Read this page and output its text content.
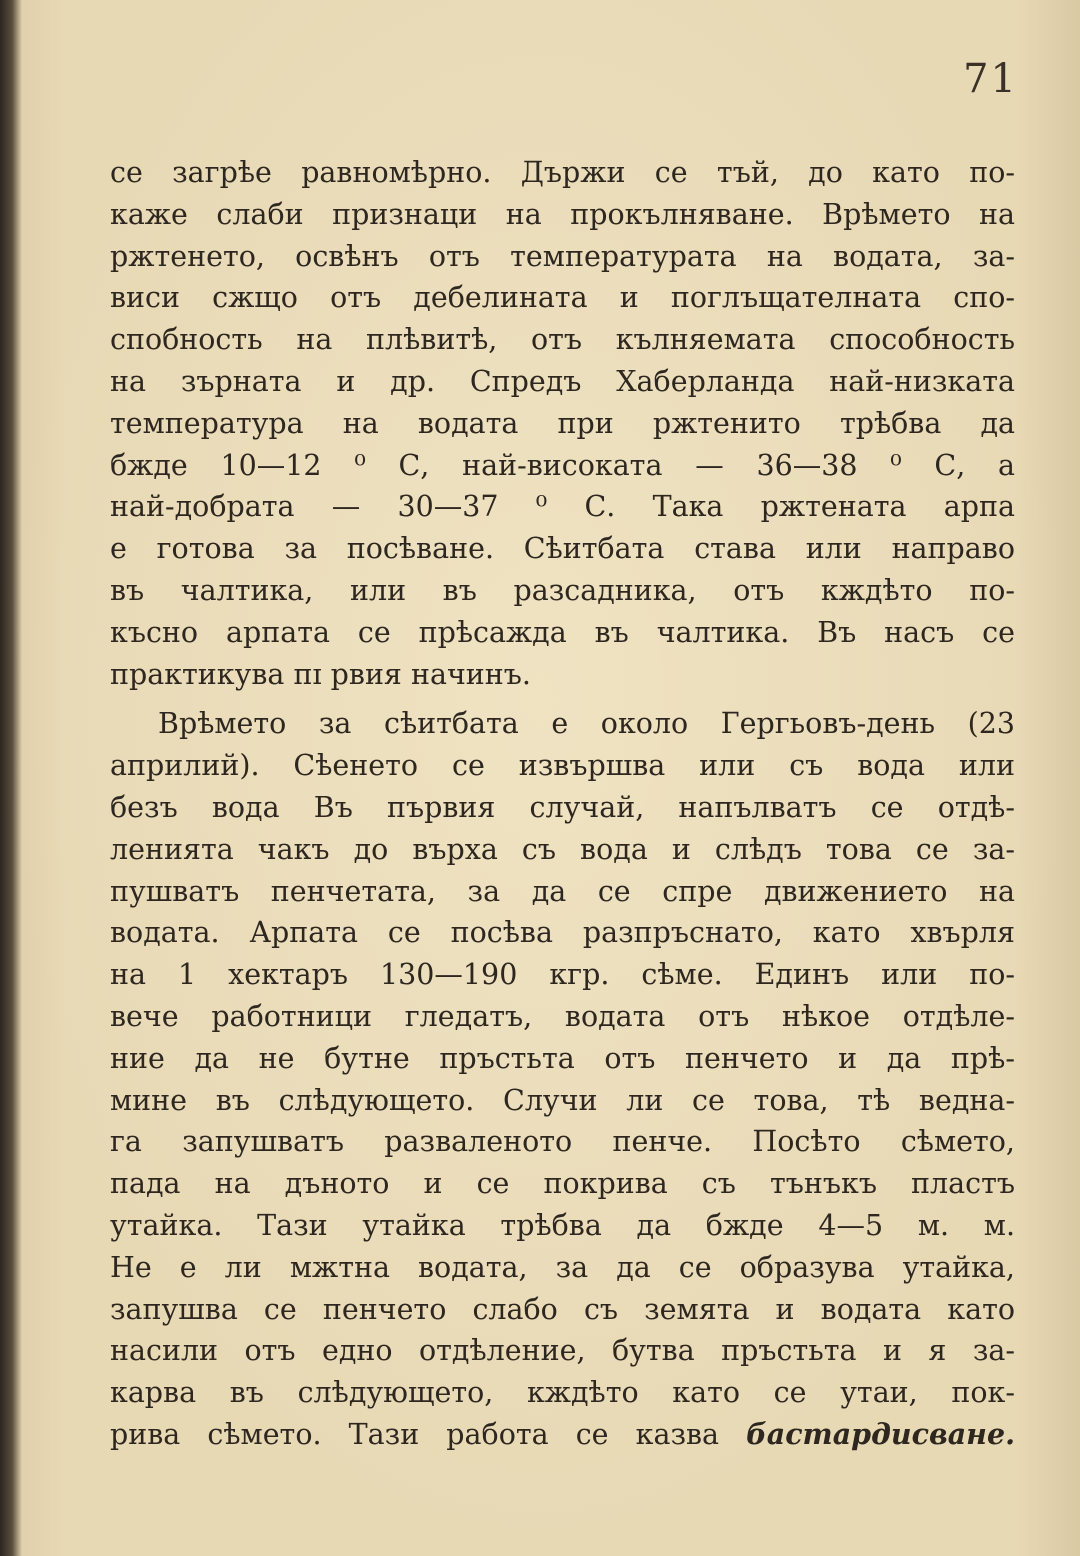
71

се загрѣе равномѣрно. Държи се тъй, до като по-
каже слаби признаци на прокълняване. Врѣмето на
ржтенето, освѣнъ отъ температурата на водата, за-
виси сжщо отъ дебелината и поглъщателната спо-
спобность на плѣвитѣ, отъ кълняемата способность
на зърната и др. Спредъ Хаберланда най-низката
температура на водата при ржтенито трѣбва да
бжде 10—12 ⁰ С, най-високата — 36—38 ⁰ С, а
най-добрата — 30—37 ⁰ С. Така ржтената арпа
е готова за посѣване. Сѣитбата става или направо
въ чалтика, или въ разсадника, отъ кждѣто по-
късно арпата се прѣсажда въ чалтика. Въ насъ се
практикува пɪ рвия начинъ.

Врѣмето за сѣитбата е около Гергьовъ-день (23
априлий). Сѣенето се извършва или съ вода или
безъ вода Въ първия случай, напълватъ се отдѣ-
ленията чакъ до върха съ вода и слѣдъ това се за-
пушватъ пенчетата, за да се спре движението на
водата. Арпата се посѣва разпръснато, като хвърля
на 1 хектаръ 130—190 кгр. сѣме. Единъ или по-
вече работници гледатъ, водата отъ нѣкое отдѣле-
ние да не бутне пръстьта отъ пенчето и да прѣ-
мине въ слѣдующето. Случи ли се това, тѣ ведна-
га запушватъ развaленото пенче. Посѣто сѣмето,
пада на дъното и се покрива съ тънъкъ пластъ
утайка. Тази утайка трѣбва да бжде 4—5 м. м.
Не е ли мжтна водата, за да се образува утайка,
запушва се пенчето слабо съ земята и водата като
насили отъ едно отдѣление, бутва пръстьта и я за-
карва въ слѣдующето, кждѣто като се утаи, пок-
рива сѣмето. Тази работа се казва бастардисване.
